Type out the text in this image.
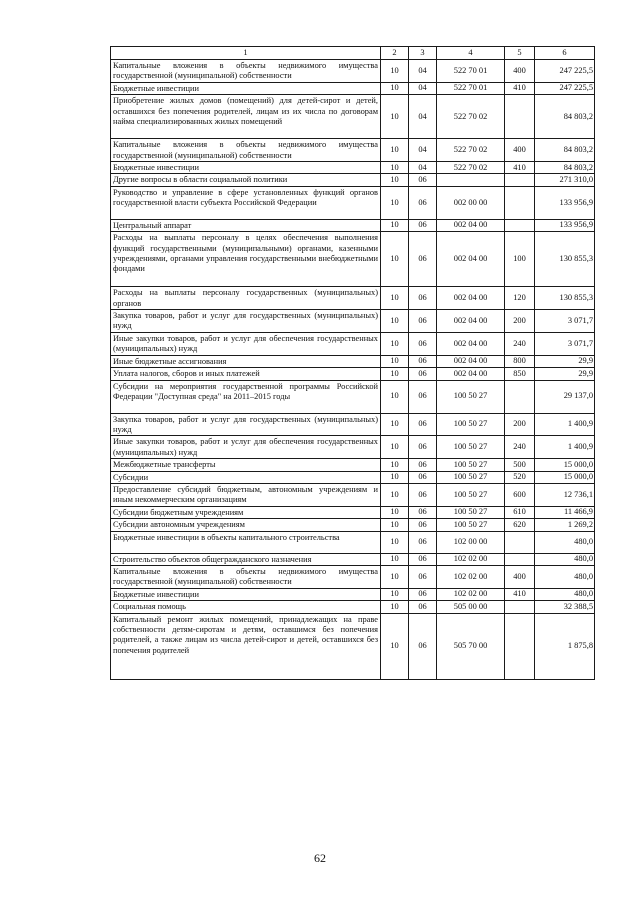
1	2	3	4	5	6
Капитальные вложения в объекты недвижимого имущества государственной (муниципальной) собственности	10	04	522 70 01	400	247 225,5
Бюджетные инвестиции	10	04	522 70 01	410	247 225,5
Приобретение жилых домов (помещений) для детей-сирот и детей, оставшихся без попечения родителей, лицам из их числа по договорам найма специализированных жилых помещений	10	04	522 70 02		84 803,2
Капитальные вложения в объекты недвижимого имущества государственной (муниципальной) собственности	10	04	522 70 02	400	84 803,2
Бюджетные инвестиции	10	04	522 70 02	410	84 803,2
Другие вопросы в области социальной политики	10	06			271 310,0
Руководство и управление в сфере установленных функций органов государственной власти субъекта Российской Федерации	10	06	002 00 00		133 956,9
Центральный аппарат	10	06	002 04 00		133 956,9
Расходы на выплаты персоналу в целях обеспечения выполнения функций государственными (муниципальными) органами, казенными учреждениями, органами управления государственными внебюджетными фондами	10	06	002 04 00	100	130 855,3
Расходы на выплаты персоналу государственных (муниципальных) органов	10	06	002 04 00	120	130 855,3
Закупка товаров, работ и услуг для государственных (муниципальных) нужд	10	06	002 04 00	200	3 071,7
Иные закупки товаров, работ и услуг для обеспечения государственных (муниципальных) нужд	10	06	002 04 00	240	3 071,7
Иные бюджетные ассигнования	10	06	002 04 00	800	29,9
Уплата налогов, сборов и иных платежей	10	06	002 04 00	850	29,9
Субсидии на мероприятия государственной программы Российской Федерации "Доступная среда" на 2011–2015 годы	10	06	100 50 27		29 137,0
Закупка товаров, работ и услуг для государственных (муниципальных) нужд	10	06	100 50 27	200	1 400,9
Иные закупки товаров, работ и услуг для обеспечения государственных (муниципальных) нужд	10	06	100 50 27	240	1 400,9
Межбюджетные трансферты	10	06	100 50 27	500	15 000,0
Субсидии	10	06	100 50 27	520	15 000,0
Предоставление субсидий бюджетным, автономным учреждениям и иным некоммерческим организациям	10	06	100 50 27	600	12 736,1
Субсидии бюджетным учреждениям	10	06	100 50 27	610	11 466,9
Субсидии автономным учреждениям	10	06	100 50 27	620	1 269,2
Бюджетные инвестиции в объекты капитального строительства	10	06	102 00 00		480,0
Строительство объектов общегражданского назначения	10	06	102 02 00		480,0
Капитальные вложения в объекты недвижимого имущества государственной (муниципальной) собственности	10	06	102 02 00	400	480,0
Бюджетные инвестиции	10	06	102 02 00	410	480,0
Социальная помощь	10	06	505 00 00		32 388,5
Капитальный ремонт жилых помещений, принадлежащих на праве собственности детям-сиротам и детям, оставшимся без попечения родителей, а также лицам из числа детей-сирот и детей, оставшихся без попечения родителей	10	06	505 70 00		1 875,8
62
